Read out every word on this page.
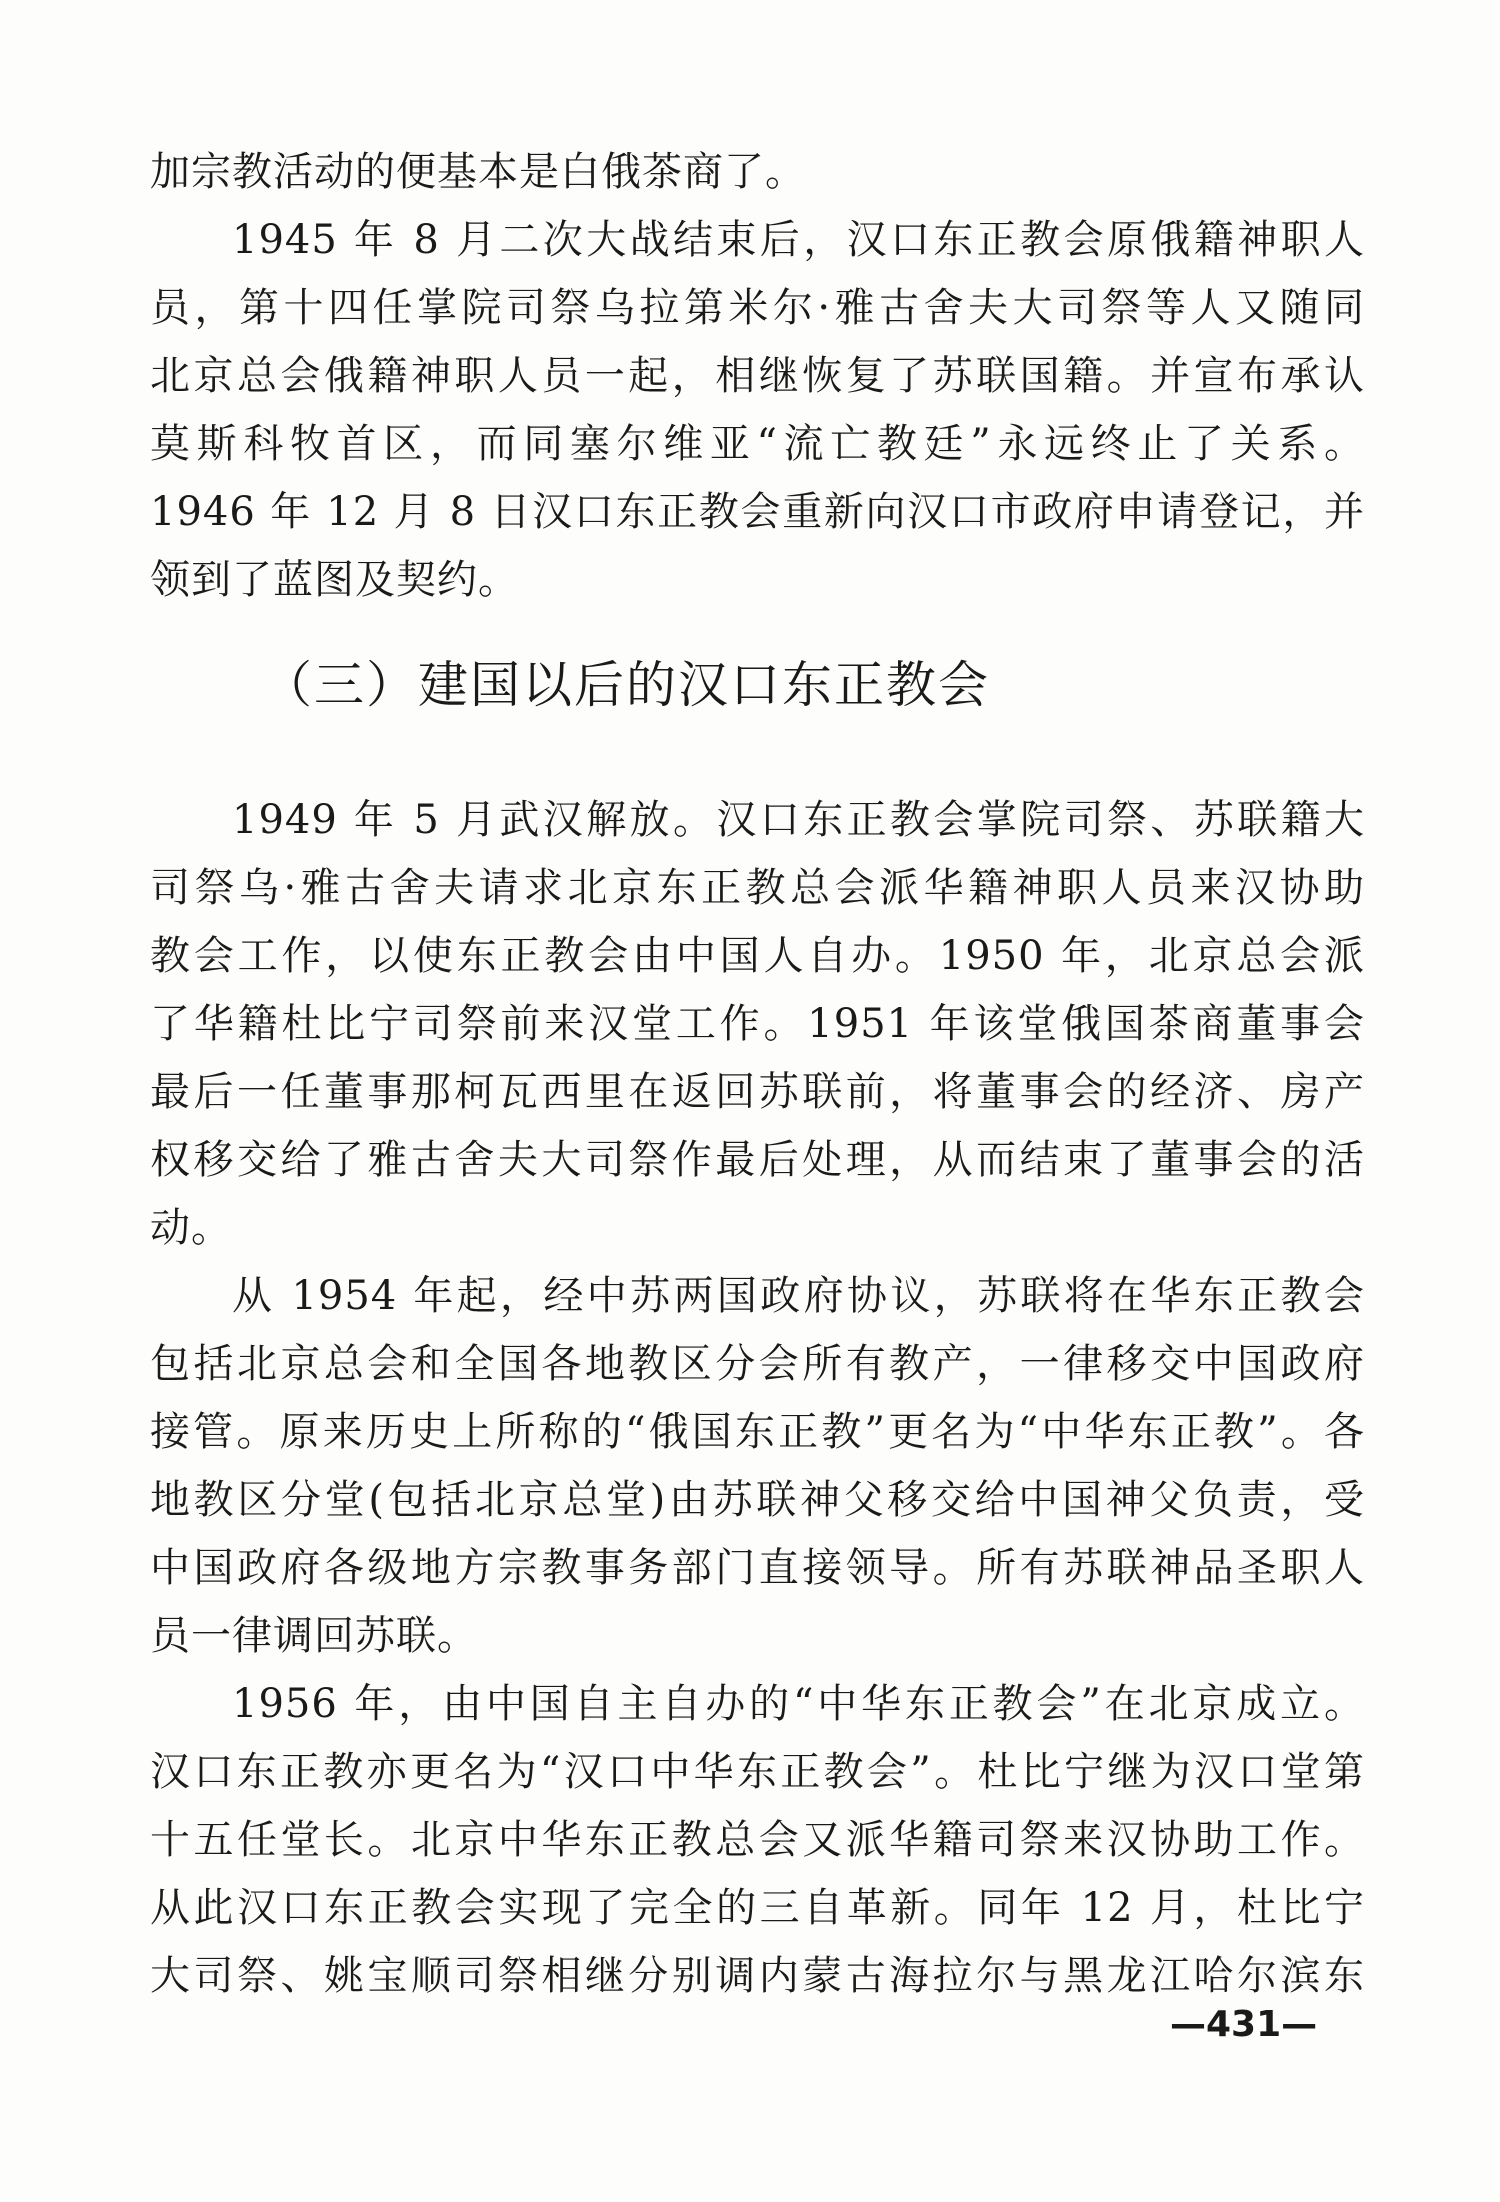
加宗教活动的便基本是白俄茶商了。
1945 年 8 月二次大战结束后，汉口东正教会原俄籍神职人
员，第十四任掌院司祭乌拉第米尔·雅古舍夫大司祭等人又随同
北京总会俄籍神职人员一起，相继恢复了苏联国籍。并宣布承认
莫斯科牧首区，而同塞尔维亚“流亡教廷”永远终止了关系。
1946 年 12 月 8 日汉口东正教会重新向汉口市政府申请登记，并
领到了蓝图及契约。
（三）建国以后的汉口东正教会
1949 年 5 月武汉解放。汉口东正教会掌院司祭、苏联籍大
司祭乌·雅古舍夫请求北京东正教总会派华籍神职人员来汉协助
教会工作，以使东正教会由中国人自办。1950 年，北京总会派
了华籍杜比宁司祭前来汉堂工作。1951 年该堂俄国茶商董事会
最后一任董事那柯瓦西里在返回苏联前，将董事会的经济、房产
权移交给了雅古舍夫大司祭作最后处理，从而结束了董事会的活
动。
从 1954 年起，经中苏两国政府协议，苏联将在华东正教会
包括北京总会和全国各地教区分会所有教产，一律移交中国政府
接管。原来历史上所称的“俄国东正教”更名为“中华东正教”。各
地教区分堂(包括北京总堂)由苏联神父移交给中国神父负责，受
中国政府各级地方宗教事务部门直接领导。所有苏联神品圣职人
员一律调回苏联。
1956 年，由中国自主自办的“中华东正教会”在北京成立。
汉口东正教亦更名为“汉口中华东正教会”。杜比宁继为汉口堂第
十五任堂长。北京中华东正教总会又派华籍司祭来汉协助工作。
从此汉口东正教会实现了完全的三自革新。同年 12 月，杜比宁
大司祭、姚宝顺司祭相继分别调内蒙古海拉尔与黑龙江哈尔滨东
—431—
